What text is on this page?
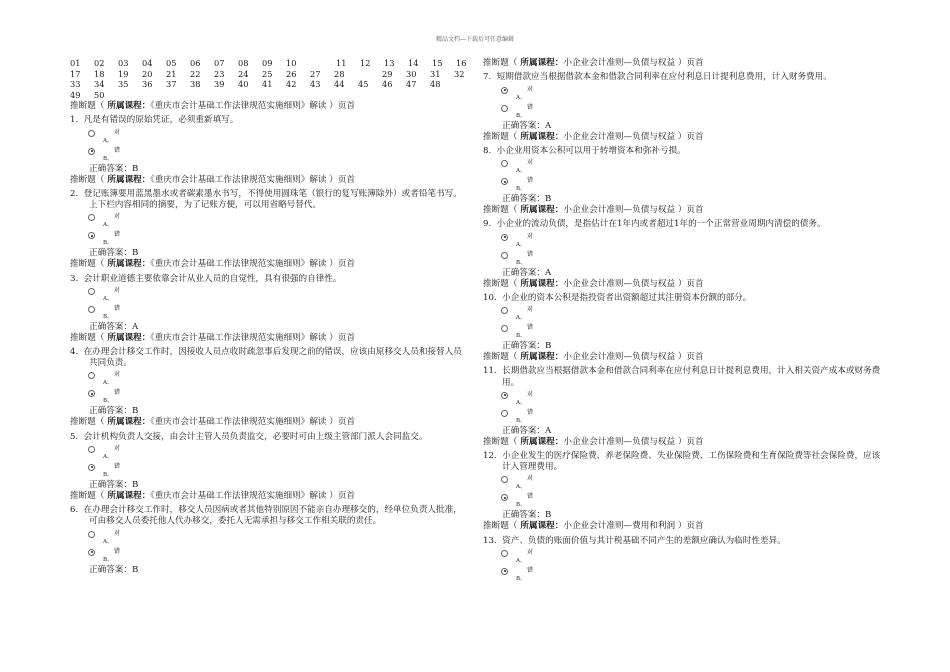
精品文档---下载后可任意编辑
01 02 03 04 05 06 07 08 09 10	11 12 13 14 15 16
17 18 19 20 21 22 23 24 25 26 27 28	29 30 31 32
33 34 35 36 37 38 39 40 41 42 43 44 45 46 47 48
49 50
推断题（ 所属课程：《重庆市会计基础工作法律规范实施细则》解读 ）页首
1.  凡是有错误的原始凭证，必须重新填写。
A、
对
B、
错
正确答案：B
推断题（ 所属课程：《重庆市会计基础工作法律规范实施细则》解读 ）页首
2.  登记账簿要用蓝黑墨水或者碳素墨水书写，不得使用圆珠笔（银行的复写账簿除外）或者铅笔书写。上下栏内容相同的摘要，为了记账方便，可以用省略号替代。
A、
对
B、
错
正确答案：B
推断题（ 所属课程：《重庆市会计基础工作法律规范实施细则》解读 ）页首
3.  会计职业道德主要依靠会计从业人员的自觉性，具有很强的自律性。
A、
对
B、
错
正确答案：A
推断题（ 所属课程：《重庆市会计基础工作法律规范实施细则》解读 ）页首
4.  在办理会计移交工作时，因接收人员点收时疏忽事后发现之前的错误，应该由原移交人员和接替人员共同负责。
A、
对
B、
错
正确答案：B
推断题（ 所属课程：《重庆市会计基础工作法律规范实施细则》解读 ）页首
5.  会计机构负责人交接，由会计主管人员负责监交，必要时可由上级主管部门派人会同监交。
A、
对
B、
错
正确答案：B
推断题（ 所属课程：《重庆市会计基础工作法律规范实施细则》解读 ）页首
6.  在办理会计移交工作时，移交人员因病或者其他特别原因不能亲自办理移交的，经单位负责人批准，可由移交人员委托他人代办移交，委托人无需承担与移交工作相关联的责任。
A、
对
B、
错
正确答案：B
推断题（ 所属课程：小企业会计准则—负债与权益 ）页首
7.  短期借款应当根据借款本金和借款合同利率在应付利息日计提利息费用，计入财务费用。
A、
对
B、
错
正确答案：A
推断题（ 所属课程：小企业会计准则—负债与权益 ）页首
8.  小企业用资本公积可以用于转增资本和弥补亏损。
A、
对
B、
错
正确答案：B
推断题（ 所属课程：小企业会计准则—负债与权益 ）页首
9.  小企业的流动负债，是指估计在1年内或者超过1年的一个正常营业周期内清偿的债务。
A、
对
B、
错
正确答案：A
推断题（ 所属课程：小企业会计准则—负债与权益 ）页首
10.  小企业的资本公积是指投资者出资额超过其注册资本份额的部分。
A、
对
B、
错
正确答案：B
推断题（ 所属课程：小企业会计准则—负债与权益 ）页首
11.  长期借款应当根据借款本金和借款合同利率在应付利息日计提利息费用，计入相关资产成本或财务费用。
A、
对
B、
错
正确答案：A
推断题（ 所属课程：小企业会计准则—负债与权益 ）页首
12.  小企业发生的医疗保险费、养老保险费、失业保险费、工伤保险费和生育保险费等社会保险费，应该计入管理费用。
A、
对
B、
错
正确答案：B
推断题（ 所属课程：小企业会计准则—费用和利润 ）页首
13.  资产、负债的账面价值与其计税基础不同产生的差额应确认为临时性差异。
A、
对
B、
错
